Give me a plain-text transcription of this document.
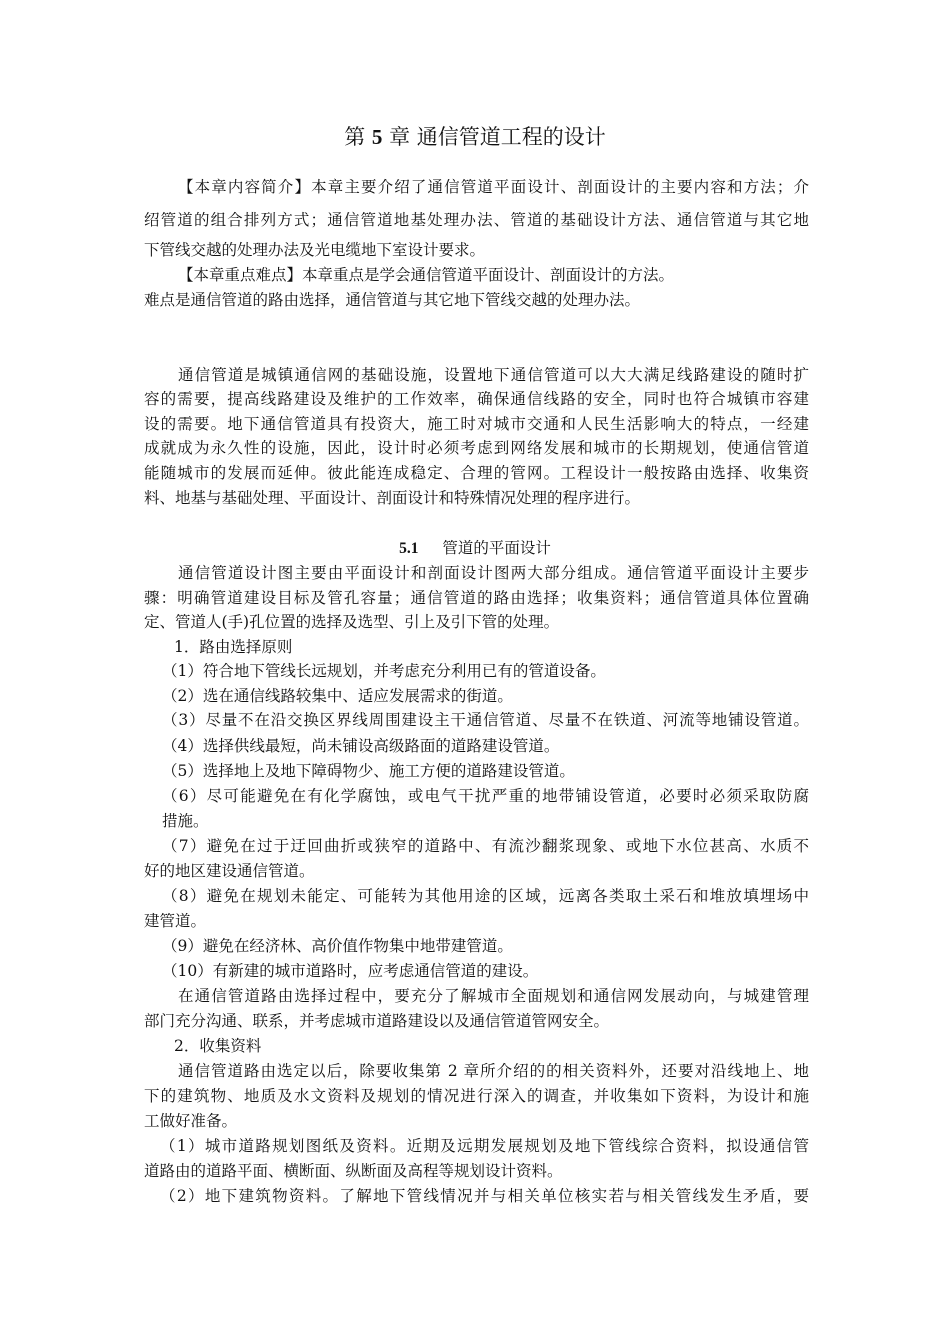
第 5 章 通信管道工程的设计
【本章内容简介】本章主要介绍了通信管道平面设计、剖面设计的主要内容和方法；介
绍管道的组合排列方式；通信管道地基处理办法、管道的基础设计方法、通信管道与其它地
下管线交越的处理办法及光电缆地下室设计要求。
【本章重点难点】本章重点是学会通信管道平面设计、剖面设计的方法。
难点是通信管道的路由选择，通信管道与其它地下管线交越的处理办法。
通信管道是城镇通信网的基础设施，设置地下通信管道可以大大满足线路建设的随时扩
容的需要，提高线路建设及维护的工作效率，确保通信线路的安全，同时也符合城镇市容建
设的需要。地下通信管道具有投资大，施工时对城市交通和人民生活影响大的特点，一经建
成就成为永久性的设施，因此，设计时必须考虑到网络发展和城市的长期规划，使通信管道
能随城市的发展而延伸。彼此能连成稳定、合理的管网。工程设计一般按路由选择、收集资
料、地基与基础处理、平面设计、剖面设计和特殊情况处理的程序进行。
5.1 管道的平面设计
通信管道设计图主要由平面设计和剖面设计图两大部分组成。通信管道平面设计主要步
骤：明确管道建设目标及管孔容量；通信管道的路由选择；收集资料；通信管道具体位置确
定、管道人(手)孔位置的选择及选型、引上及引下管的处理。
1．路由选择原则
（1）符合地下管线长远规划，并考虑充分利用已有的管道设备。
（2）选在通信线路较集中、适应发展需求的街道。
（3）尽量不在沿交换区界线周围建设主干通信管道、尽量不在铁道、河流等地铺设管道。
（4）选择供线最短，尚未铺设高级路面的道路建设管道。
（5）选择地上及地下障碍物少、施工方便的道路建设管道。
（6）尽可能避免在有化学腐蚀，或电气干扰严重的地带铺设管道，必要时必须采取防腐
措施。
（7）避免在过于迂回曲折或狭窄的道路中、有流沙翻浆现象、或地下水位甚高、水质不
好的地区建设通信管道。
（8）避免在规划未能定、可能转为其他用途的区域，远离各类取土采石和堆放填埋场中
建管道。
（9）避免在经济林、高价值作物集中地带建管道。
（10）有新建的城市道路时，应考虑通信管道的建设。
在通信管道路由选择过程中，要充分了解城市全面规划和通信网发展动向，与城建管理
部门充分沟通、联系，并考虑城市道路建设以及通信管道管网安全。
2．收集资料
通信管道路由选定以后，除要收集第 2 章所介绍的的相关资料外，还要对沿线地上、地
下的建筑物、地质及水文资料及规划的情况进行深入的调查，并收集如下资料，为设计和施
工做好准备。
（1）城市道路规划图纸及资料。近期及远期发展规划及地下管线综合资料，拟设通信管
道路由的道路平面、横断面、纵断面及高程等规划设计资料。
（2）地下建筑物资料。了解地下管线情况并与相关单位核实若与相关管线发生矛盾，要
